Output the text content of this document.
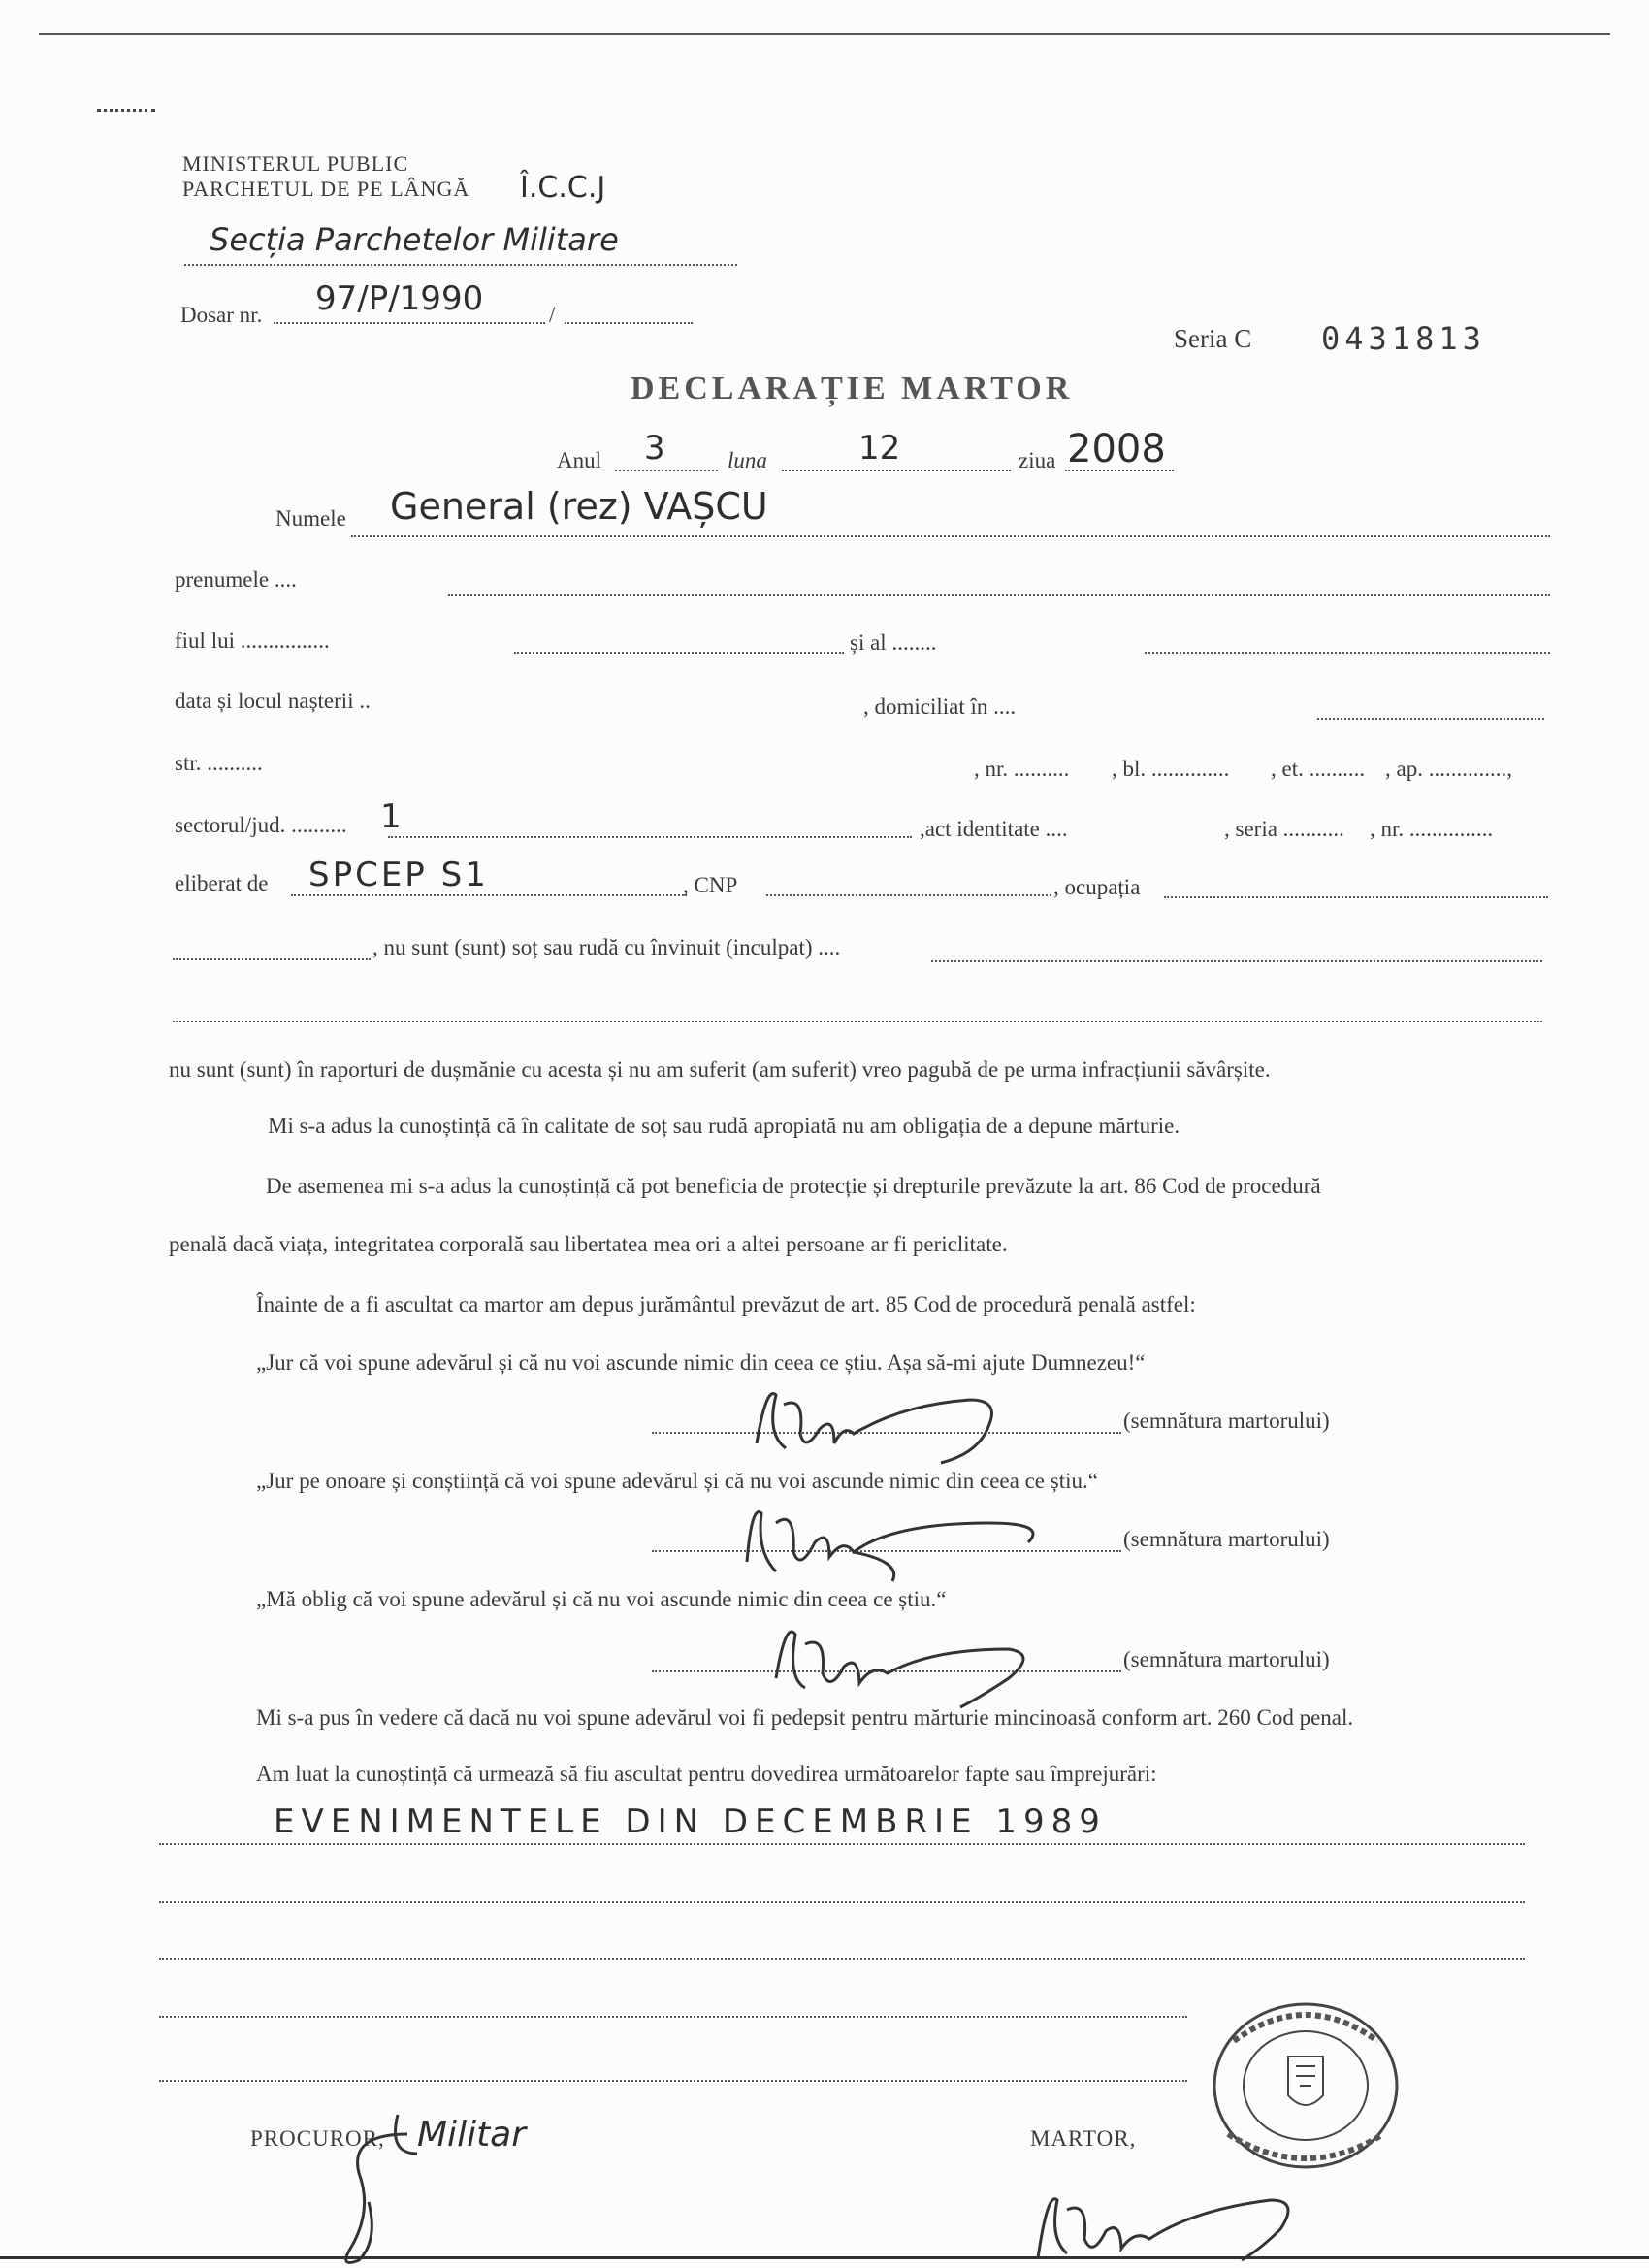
MINISTERUL PUBLIC
PARCHETUL DE PE LÂNGĂ Î.C.C.J
Secția Parchetelor Militare
Dosar nr. 97/P/1990	/
Seria C 0431813
DECLARAȚIE MARTOR
Anul 3	luna	12	ziua 2008
Numele General (rez) VAȘCU
prenumele ....
fiul lui ................	și al ........
data și locul nașterii ..	, domiciliat în ....
str. ..........	, nr. .......... , bl. .............. , et. .......... , ap. ..............,
sectorul/jud. .......... 1	,act identitate ....	, seria ........... , nr. ...............
eliberat de SPCEP S1	, CNP	, ocupația
, nu sunt (sunt) soț sau rudă cu învinuit (inculpat) ....
nu sunt (sunt) în raporturi de dușmănie cu acesta și nu am suferit (am suferit) vreo pagubă de pe urma infracțiunii săvârșite.
Mi s-a adus la cunoștință că în calitate de soț sau rudă apropiată nu am obligația de a depune mărturie.
De asemenea mi s-a adus la cunoștință că pot beneficia de protecție și drepturile prevăzute la art. 86 Cod de procedură
penală dacă viața, integritatea corporală sau libertatea mea ori a altei persoane ar fi periclitate.
Înainte de a fi ascultat ca martor am depus jurământul prevăzut de art. 85 Cod de procedură penală astfel:
„Jur că voi spune adevărul și că nu voi ascunde nimic din ceea ce știu. Așa să-mi ajute Dumnezeu!“
(semnătura martorului)
„Jur pe onoare și conștiință că voi spune adevărul și că nu voi ascunde nimic din ceea ce știu.“
(semnătura martorului)
„Mă oblig că voi spune adevărul și că nu voi ascunde nimic din ceea ce știu.“
(semnătura martorului)
Mi s-a pus în vedere că dacă nu voi spune adevărul voi fi pedepsit pentru mărturie mincinoasă conform art. 260 Cod penal.
Am luat la cunoștință că urmează să fiu ascultat pentru dovedirea următoarelor fapte sau împrejurări:
EVENIMENTELE DIN DECEMBRIE 1989
PROCUROR, Militar	MARTOR,
